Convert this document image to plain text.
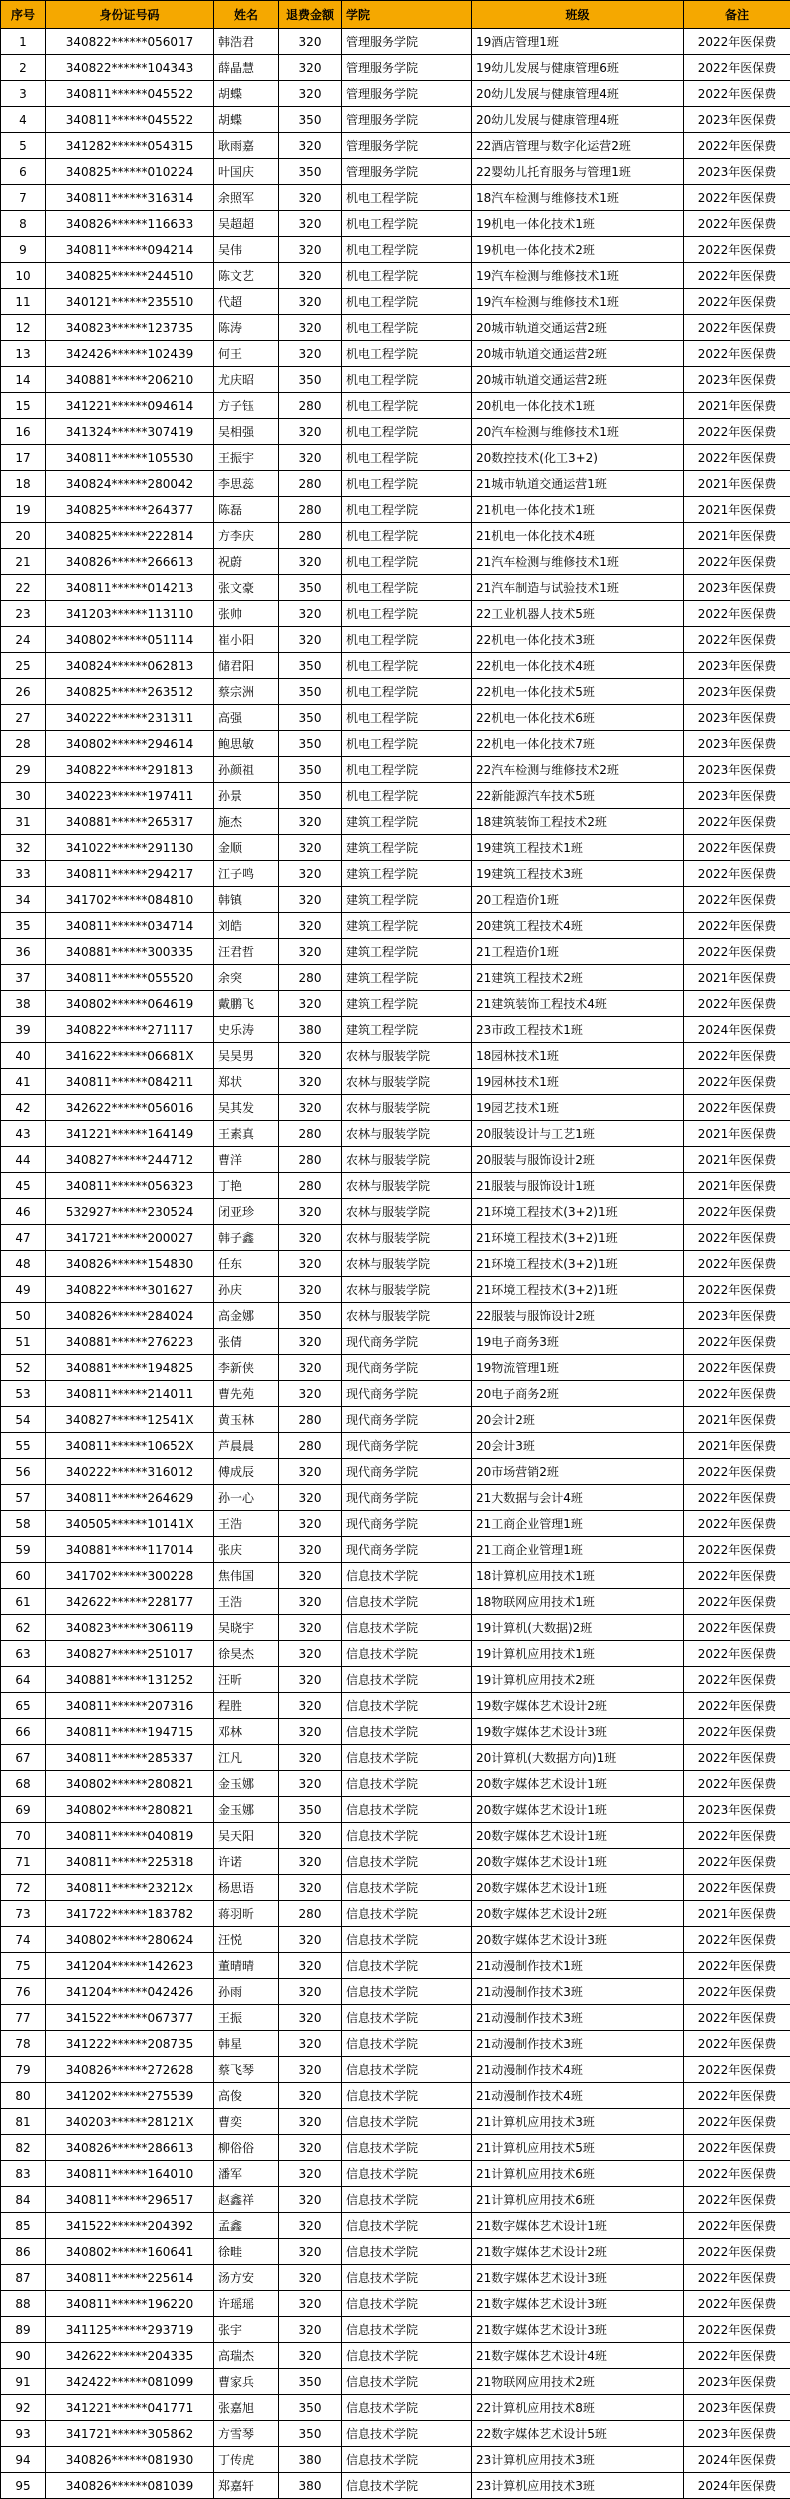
序号	身份证号码	姓名	退费金额	学院	班级	备注
1	340822******056017	韩浩君	320	管理服务学院	19酒店管理1班	2022年医保费
2	340822******104343	薛晶慧	320	管理服务学院	19幼儿发展与健康管理6班	2022年医保费
3	340811******045522	胡蝶	320	管理服务学院	20幼儿发展与健康管理4班	2022年医保费
4	340811******045522	胡蝶	350	管理服务学院	20幼儿发展与健康管理4班	2023年医保费
5	341282******054315	耿雨嘉	320	管理服务学院	22酒店管理与数字化运营2班	2022年医保费
6	340825******010224	叶国庆	350	管理服务学院	22婴幼儿托育服务与管理1班	2023年医保费
7	340811******316314	余照军	320	机电工程学院	18汽车检测与维修技术1班	2022年医保费
8	340826******116633	吴超超	320	机电工程学院	19机电一体化技术1班	2022年医保费
9	340811******094214	吴伟	320	机电工程学院	19机电一体化技术2班	2022年医保费
10	340825******244510	陈文艺	320	机电工程学院	19汽车检测与维修技术1班	2022年医保费
11	340121******235510	代超	320	机电工程学院	19汽车检测与维修技术1班	2022年医保费
12	340823******123735	陈涛	320	机电工程学院	20城市轨道交通运营2班	2022年医保费
13	342426******102439	何王	320	机电工程学院	20城市轨道交通运营2班	2022年医保费
14	340881******206210	尤庆昭	350	机电工程学院	20城市轨道交通运营2班	2023年医保费
15	341221******094614	方子钰	280	机电工程学院	20机电一体化技术1班	2021年医保费
16	341324******307419	吴相强	320	机电工程学院	20汽车检测与维修技术1班	2022年医保费
17	340811******105530	王振宇	320	机电工程学院	20数控技术(化工3+2)	2022年医保费
18	340824******280042	李思蕊	280	机电工程学院	21城市轨道交通运营1班	2021年医保费
19	340825******264377	陈磊	280	机电工程学院	21机电一体化技术1班	2021年医保费
20	340825******222814	方李庆	280	机电工程学院	21机电一体化技术4班	2021年医保费
21	340826******266613	祝蔚	320	机电工程学院	21汽车检测与维修技术1班	2022年医保费
22	340811******014213	张文豪	350	机电工程学院	21汽车制造与试验技术1班	2023年医保费
23	341203******113110	张帅	320	机电工程学院	22工业机器人技术5班	2022年医保费
24	340802******051114	崔小阳	320	机电工程学院	22机电一体化技术3班	2022年医保费
25	340824******062813	储君阳	350	机电工程学院	22机电一体化技术4班	2023年医保费
26	340825******263512	蔡宗洲	350	机电工程学院	22机电一体化技术5班	2023年医保费
27	340222******231311	高强	350	机电工程学院	22机电一体化技术6班	2023年医保费
28	340802******294614	鲍思敏	350	机电工程学院	22机电一体化技术7班	2023年医保费
29	340822******291813	孙颜祖	350	机电工程学院	22汽车检测与维修技术2班	2023年医保费
30	340223******197411	孙景	350	机电工程学院	22新能源汽车技术5班	2023年医保费
31	340881******265317	施杰	320	建筑工程学院	18建筑装饰工程技术2班	2022年医保费
32	341022******291130	金顺	320	建筑工程学院	19建筑工程技术1班	2022年医保费
33	340811******294217	江子鸣	320	建筑工程学院	19建筑工程技术3班	2022年医保费
34	341702******084810	韩镇	320	建筑工程学院	20工程造价1班	2022年医保费
35	340811******034714	刘皓	320	建筑工程学院	20建筑工程技术4班	2022年医保费
36	340881******300335	汪君哲	320	建筑工程学院	21工程造价1班	2022年医保费
37	340811******055520	余突	280	建筑工程学院	21建筑工程技术2班	2021年医保费
38	340802******064619	戴鹏飞	320	建筑工程学院	21建筑装饰工程技术4班	2022年医保费
39	340822******271117	史乐涛	380	建筑工程学院	23市政工程技术1班	2024年医保费
40	341622******06681X	吴昊男	320	农林与服装学院	18园林技术1班	2022年医保费
41	340811******084211	郑状	320	农林与服装学院	19园林技术1班	2022年医保费
42	342622******056016	吴其发	320	农林与服装学院	19园艺技术1班	2022年医保费
43	341221******164149	王素真	280	农林与服装学院	20服装设计与工艺1班	2021年医保费
44	340827******244712	曹洋	280	农林与服装学院	20服装与服饰设计2班	2021年医保费
45	340811******056323	丁艳	280	农林与服装学院	21服装与服饰设计1班	2021年医保费
46	532927******230524	闭亚珍	320	农林与服装学院	21环境工程技术(3+2)1班	2022年医保费
47	341721******200027	韩子鑫	320	农林与服装学院	21环境工程技术(3+2)1班	2022年医保费
48	340826******154830	任东	320	农林与服装学院	21环境工程技术(3+2)1班	2022年医保费
49	340822******301627	孙庆	320	农林与服装学院	21环境工程技术(3+2)1班	2022年医保费
50	340826******284024	高金娜	350	农林与服装学院	22服装与服饰设计2班	2023年医保费
51	340881******276223	张倩	320	现代商务学院	19电子商务3班	2022年医保费
52	340881******194825	李新侠	320	现代商务学院	19物流管理1班	2022年医保费
53	340811******214011	曹先苑	320	现代商务学院	20电子商务2班	2022年医保费
54	340827******12541X	黄玉林	280	现代商务学院	20会计2班	2021年医保费
55	340811******10652X	芦晨晨	280	现代商务学院	20会计3班	2021年医保费
56	340222******316012	傅成辰	320	现代商务学院	20市场营销2班	2022年医保费
57	340811******264629	孙一心	320	现代商务学院	21大数据与会计4班	2022年医保费
58	340505******10141X	王浩	320	现代商务学院	21工商企业管理1班	2022年医保费
59	340881******117014	张庆	320	现代商务学院	21工商企业管理1班	2022年医保费
60	341702******300228	焦伟国	320	信息技术学院	18计算机应用技术1班	2022年医保费
61	342622******228177	王浩	320	信息技术学院	18物联网应用技术1班	2022年医保费
62	340823******306119	吴晓宇	320	信息技术学院	19计算机(大数据)2班	2022年医保费
63	340827******251017	徐昊杰	320	信息技术学院	19计算机应用技术1班	2022年医保费
64	340881******131252	汪昕	320	信息技术学院	19计算机应用技术2班	2022年医保费
65	340811******207316	程胜	320	信息技术学院	19数字媒体艺术设计2班	2022年医保费
66	340811******194715	邓林	320	信息技术学院	19数字媒体艺术设计3班	2022年医保费
67	340811******285337	江凡	320	信息技术学院	20计算机(大数据方向)1班	2022年医保费
68	340802******280821	金玉娜	320	信息技术学院	20数字媒体艺术设计1班	2022年医保费
69	340802******280821	金玉娜	350	信息技术学院	20数字媒体艺术设计1班	2023年医保费
70	340811******040819	吴天阳	320	信息技术学院	20数字媒体艺术设计1班	2022年医保费
71	340811******225318	许诺	320	信息技术学院	20数字媒体艺术设计1班	2022年医保费
72	340811******23212x	杨思语	320	信息技术学院	20数字媒体艺术设计1班	2022年医保费
73	341722******183782	蒋羽昕	280	信息技术学院	20数字媒体艺术设计2班	2021年医保费
74	340802******280624	汪悦	320	信息技术学院	20数字媒体艺术设计3班	2022年医保费
75	341204******142623	董晴晴	320	信息技术学院	21动漫制作技术1班	2022年医保费
76	341204******042426	孙雨	320	信息技术学院	21动漫制作技术3班	2022年医保费
77	341522******067377	王振	320	信息技术学院	21动漫制作技术3班	2022年医保费
78	341222******208735	韩星	320	信息技术学院	21动漫制作技术3班	2022年医保费
79	340826******272628	蔡飞琴	320	信息技术学院	21动漫制作技术4班	2022年医保费
80	341202******275539	高俊	320	信息技术学院	21动漫制作技术4班	2022年医保费
81	340203******28121X	曹奕	320	信息技术学院	21计算机应用技术3班	2022年医保费
82	340826******286613	柳俗俗	320	信息技术学院	21计算机应用技术5班	2022年医保费
83	340811******164010	潘军	320	信息技术学院	21计算机应用技术6班	2022年医保费
84	340811******296517	赵鑫祥	320	信息技术学院	21计算机应用技术6班	2022年医保费
85	341522******204392	孟鑫	320	信息技术学院	21数字媒体艺术设计1班	2022年医保费
86	340802******160641	徐畦	320	信息技术学院	21数字媒体艺术设计2班	2022年医保费
87	340811******225614	汤方安	320	信息技术学院	21数字媒体艺术设计3班	2022年医保费
88	340811******196220	许瑶瑶	320	信息技术学院	21数字媒体艺术设计3班	2022年医保费
89	341125******293719	张宇	320	信息技术学院	21数字媒体艺术设计3班	2022年医保费
90	342622******204335	高瑞杰	320	信息技术学院	21数字媒体艺术设计4班	2022年医保费
91	342422******081099	曹家兵	350	信息技术学院	21物联网应用技术2班	2023年医保费
92	341221******041771	张嘉旭	350	信息技术学院	22计算机应用技术8班	2023年医保费
93	341721******305862	方雪琴	350	信息技术学院	22数字媒体艺术设计5班	2023年医保费
94	340826******081930	丁传虎	380	信息技术学院	23计算机应用技术3班	2024年医保费
95	340826******081039	郑嘉轩	380	信息技术学院	23计算机应用技术3班	2024年医保费
